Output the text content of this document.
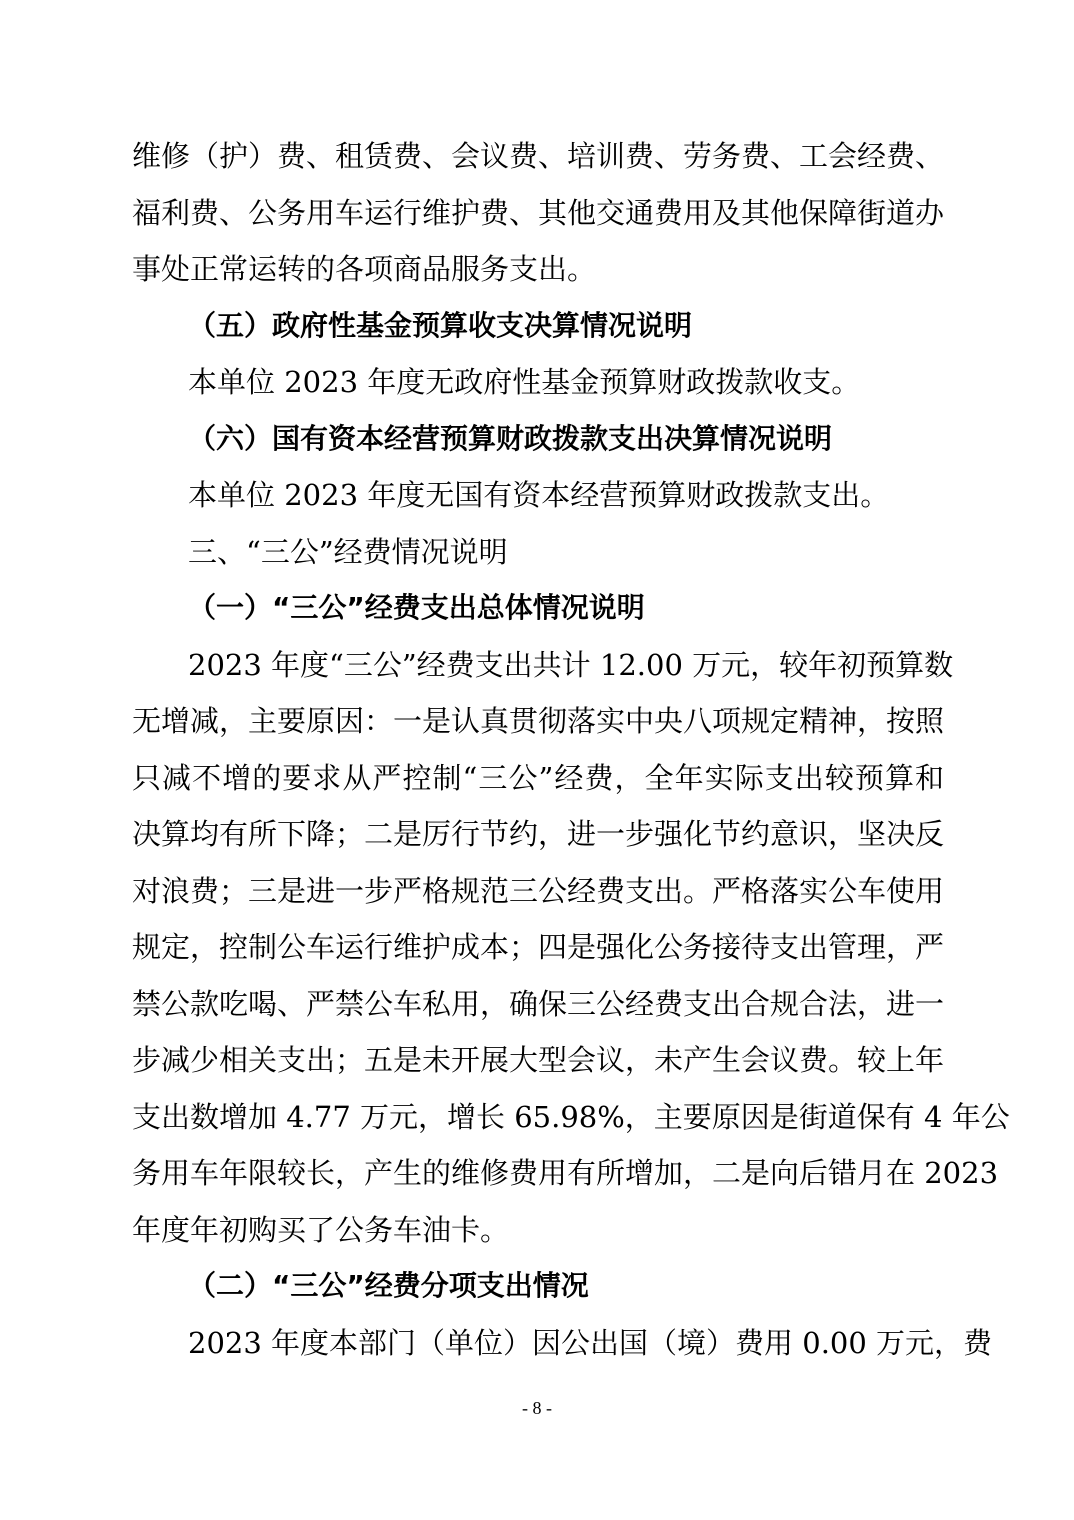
维修（护）费、租赁费、会议费、培训费、劳务费、工会经费、
福利费、公务用车运行维护费、其他交通费用及其他保障街道办
事处正常运转的各项商品服务支出。
（五）政府性基金预算收支决算情况说明
本单位 2023 年度无政府性基金预算财政拨款收支。
（六）国有资本经营预算财政拨款支出决算情况说明
本单位 2023 年度无国有资本经营预算财政拨款支出。
三、“三公”经费情况说明
（一）“三公”经费支出总体情况说明
2023 年度“三公”经费支出共计 12.00 万元，较年初预算数
无增减，主要原因：一是认真贯彻落实中央八项规定精神，按照
只减不增的要求从严控制“三公”经费，全年实际支出较预算和
决算均有所下降；二是厉行节约，进一步强化节约意识，坚决反
对浪费；三是进一步严格规范三公经费支出。严格落实公车使用
规定，控制公车运行维护成本；四是强化公务接待支出管理，严
禁公款吃喝、严禁公车私用，确保三公经费支出合规合法，进一
步减少相关支出；五是未开展大型会议，未产生会议费。较上年
支出数增加 4.77 万元，增长 65.98%，主要原因是街道保有 4 年公
务用车年限较长，产生的维修费用有所增加，二是向后错月在 2023
年度年初购买了公务车油卡。
（二）“三公”经费分项支出情况
2023 年度本部门（单位）因公出国（境）费用 0.00 万元，费
- 8 -
